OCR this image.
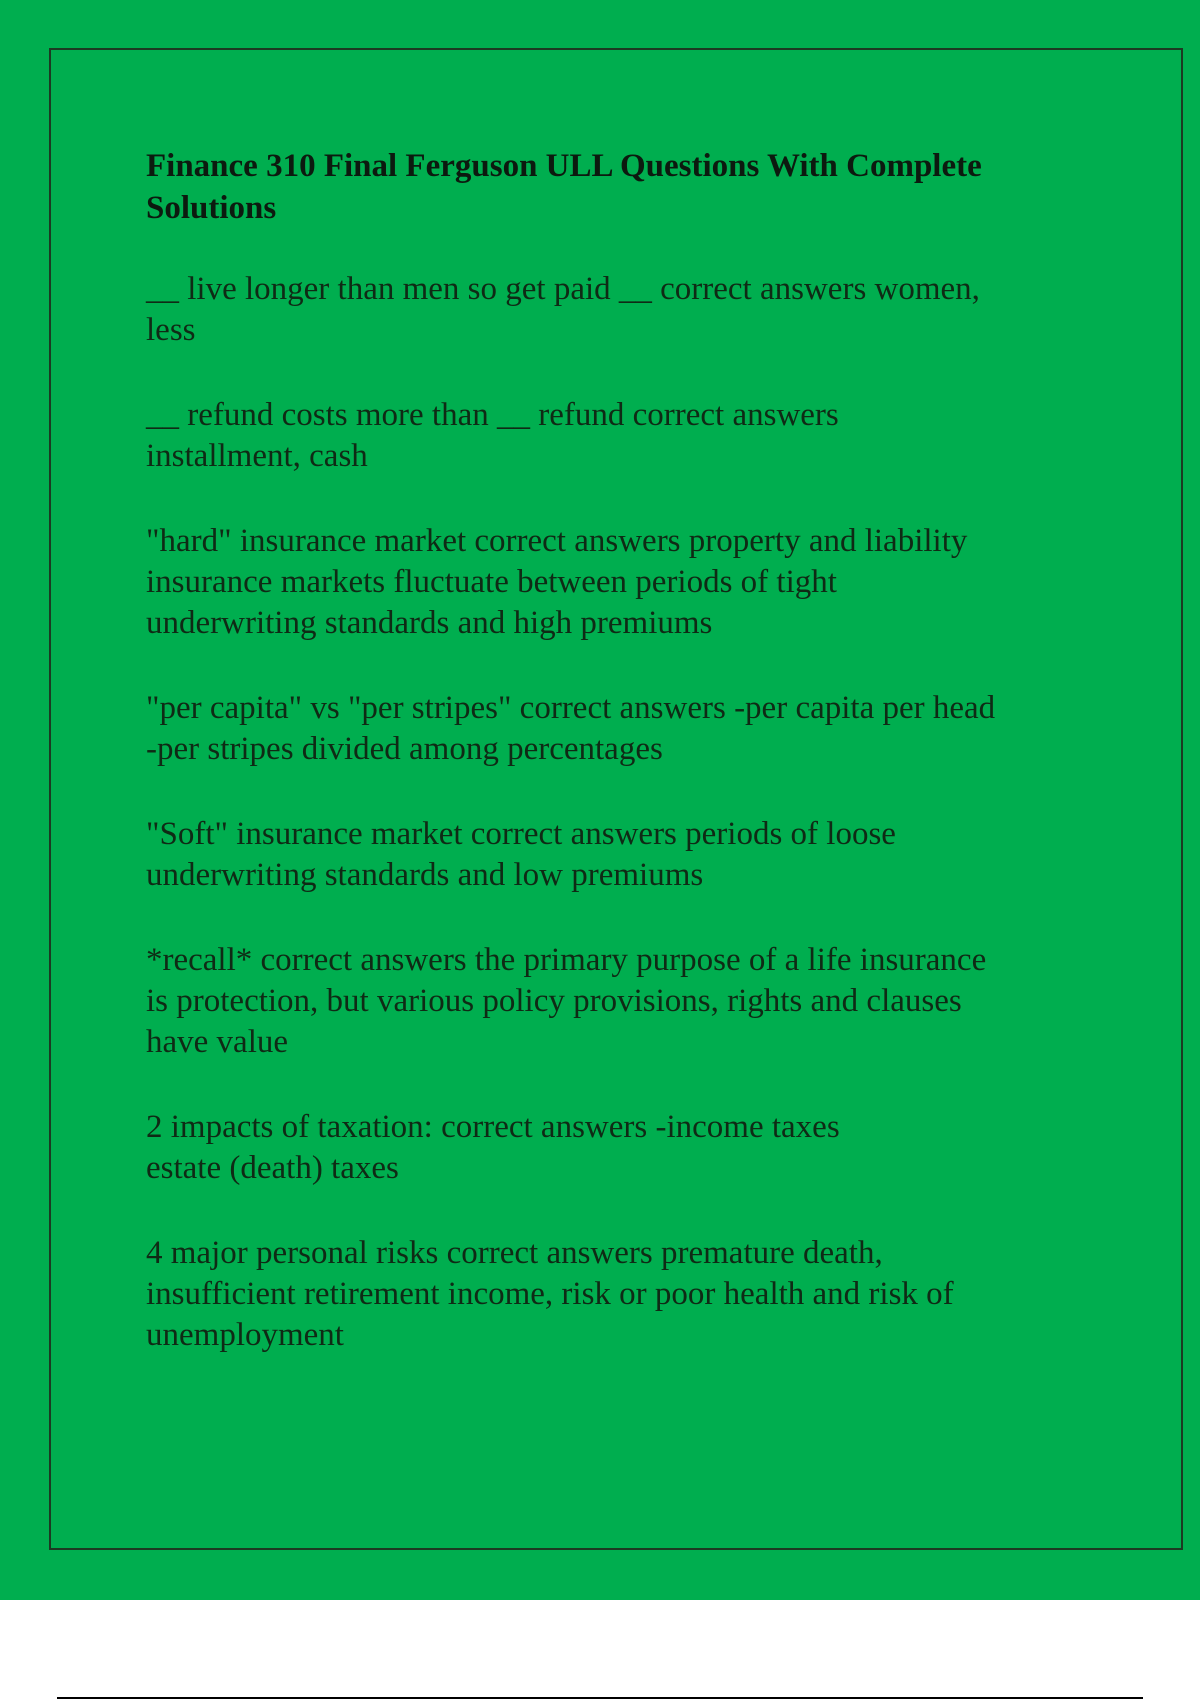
Finance 310 Final Ferguson ULL Questions With Complete Solutions
__ live longer than men so get paid __ correct answers women,
less
__ refund costs more than __ refund correct answers
installment, cash
"hard" insurance market correct answers property and liability
insurance markets fluctuate between periods of tight
underwriting standards and high premiums
"per capita" vs "per stripes" correct answers -per capita per head
-per stripes divided among percentages
"Soft" insurance market correct answers periods of loose
underwriting standards and low premiums
*recall* correct answers the primary purpose of a life insurance
is protection, but various policy provisions, rights and clauses
have value
2 impacts of taxation: correct answers -income taxes
estate (death) taxes
4 major personal risks correct answers premature death,
insufficient retirement income, risk or poor health and risk of
unemployment
